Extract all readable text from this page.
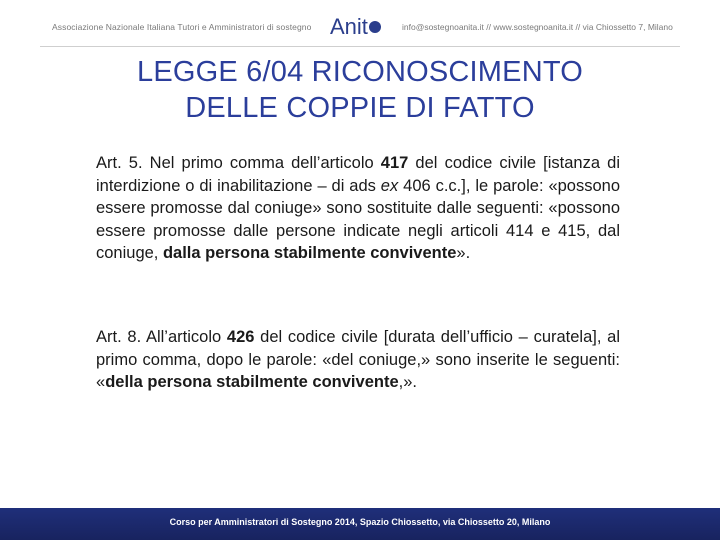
Associazione Nazionale Italiana Tutori e Amministratori di sostegno Anit	info@sostegnoanita.it // www.sostegnoanita.it // via Chiossetto 7, Milano
LEGGE 6/04 RICONOSCIMENTO
DELLE COPPIE DI FATTO
Art. 5. Nel primo comma dell’articolo 417 del codice civile [istanza di interdizione o di inabilitazione – di ads ex 406 c.c.], le parole: «possono essere promosse dal coniuge» sono sostituite dalle seguenti: «possono essere promosse dalle persone indicate negli articoli 414 e 415, dal coniuge, dalla persona stabilmente convivente».
Art. 8. All’articolo 426 del codice civile [durata dell’ufficio – curatela], al primo comma, dopo le parole: «del coniuge,» sono inserite le seguenti: «della persona stabilmente convivente,».
Corso per Amministratori di Sostegno 2014, Spazio Chiossetto, via Chiossetto 20, Milano
